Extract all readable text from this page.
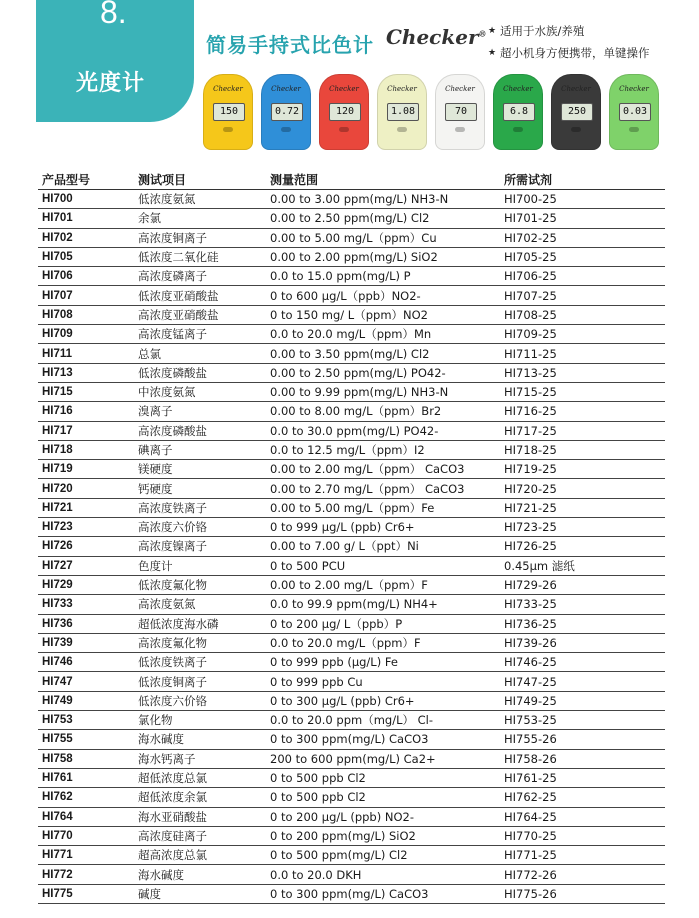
8.
光度计
简易手持式比色计 Checker® ★ 适用于水族/养殖
★ 超小机身方便携带，单键操作
Checker
150
Checker
0.72
Checker
120
Checker
1.08
Checker
70
Checker
6.8
Checker
250
Checker
0.03
产品型号	测试项目	测量范围	所需试剂
HI700	低浓度氨氮	0.00 to 3.00 ppm(mg/L) NH3-N	HI700-25
HI701	余氯	0.00 to 2.50 ppm(mg/L) Cl2	HI701-25
HI702	高浓度铜离子	0.00 to 5.00 mg/L（ppm）Cu	HI702-25
HI705	低浓度二氧化硅	0.00 to 2.00 ppm(mg/L) SiO2	HI705-25
HI706	高浓度磷离子	0.0 to 15.0 ppm(mg/L) P	HI706-25
HI707	低浓度亚硝酸盐	0 to 600 μg/L（ppb）NO2-	HI707-25
HI708	高浓度亚硝酸盐	0 to 150 mg/ L（ppm）NO2	HI708-25
HI709	高浓度锰离子	0.0 to 20.0 mg/L（ppm）Mn	HI709-25
HI711	总氯	0.00 to 3.50 ppm(mg/L) Cl2	HI711-25
HI713	低浓度磷酸盐	0.00 to 2.50 ppm(mg/L) PO42-	HI713-25
HI715	中浓度氨氮	0.00 to 9.99 ppm(mg/L) NH3-N	HI715-25
HI716	溴离子	0.00 to 8.00 mg/L（ppm）Br2	HI716-25
HI717	高浓度磷酸盐	0.0 to 30.0 ppm(mg/L) PO42-	HI717-25
HI718	碘离子	0.0 to 12.5 mg/L（ppm）I2	HI718-25
HI719	镁硬度	0.00 to 2.00 mg/L（ppm） CaCO3	HI719-25
HI720	钙硬度	0.00 to 2.70 mg/L（ppm） CaCO3	HI720-25
HI721	高浓度铁离子	0.00 to 5.00 mg/L（ppm）Fe	HI721-25
HI723	高浓度六价铬	0 to 999 μg/L (ppb) Cr6+	HI723-25
HI726	高浓度镍离子	0.00 to 7.00 g/ L（ppt）Ni	HI726-25
HI727	色度计	0 to 500 PCU	0.45μm 滤纸
HI729	低浓度氟化物	0.00 to 2.00 mg/L（ppm）F	HI729-26
HI733	高浓度氨氮	0.0 to 99.9 ppm(mg/L) NH4+	HI733-25
HI736	超低浓度海水磷	0 to 200 μg/ L（ppb）P	HI736-25
HI739	高浓度氟化物	0.0 to 20.0 mg/L（ppm）F	HI739-26
HI746	低浓度铁离子	0 to 999 ppb (μg/L) Fe	HI746-25
HI747	低浓度铜离子	0 to 999 ppb Cu	HI747-25
HI749	低浓度六价铬	0 to 300 μg/L (ppb) Cr6+	HI749-25
HI753	氯化物	0.0 to 20.0 ppm（mg/L） Cl-	HI753-25
HI755	海水碱度	0 to 300 ppm(mg/L) CaCO3	HI755-26
HI758	海水钙离子	200 to 600 ppm(mg/L) Ca2+	HI758-26
HI761	超低浓度总氯	0 to 500 ppb Cl2	HI761-25
HI762	超低浓度余氯	0 to 500 ppb Cl2	HI762-25
HI764	海水亚硝酸盐	0 to 200 μg/L (ppb) NO2-	HI764-25
HI770	高浓度硅离子	0 to 200 ppm(mg/L) SiO2	HI770-25
HI771	超高浓度总氯	0 to 500 ppm(mg/L) Cl2	HI771-25
HI772	海水碱度	0.0 to 20.0 DKH	HI772-26
HI775	碱度	0 to 300 ppm(mg/L) CaCO3	HI775-26
